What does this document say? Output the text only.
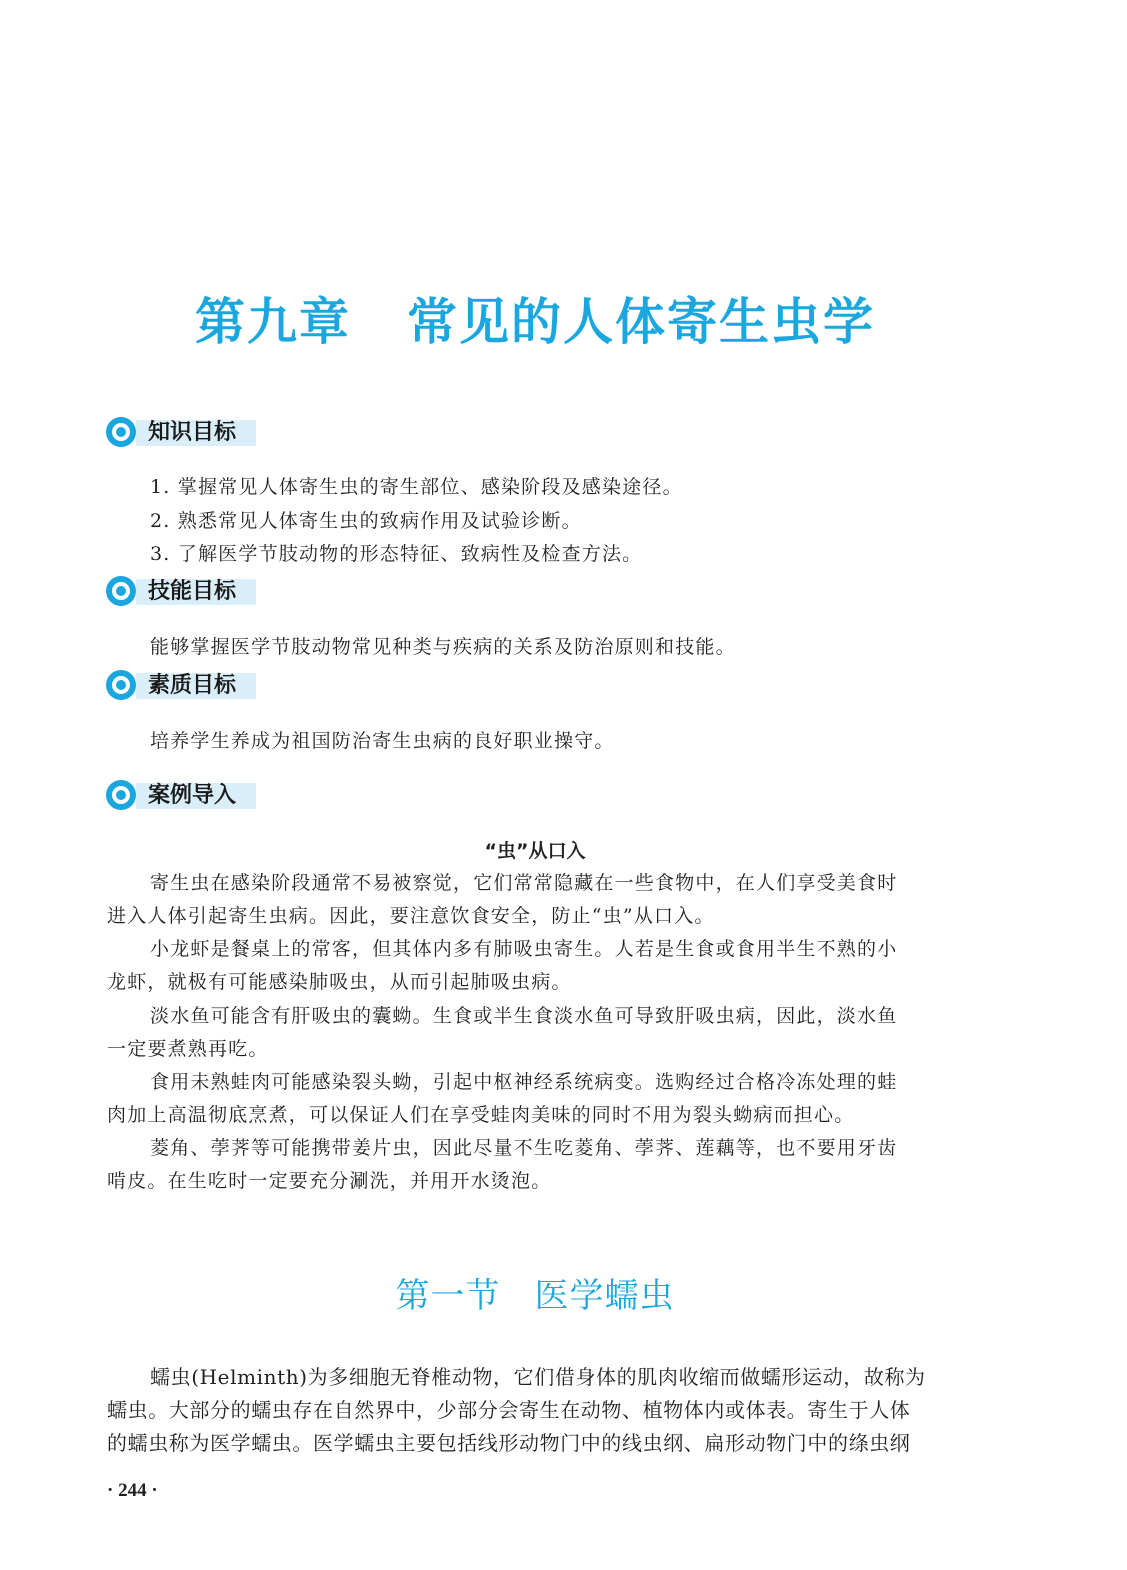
第九章 常见的人体寄生虫学
知识目标
1. 掌握常见人体寄生虫的寄生部位、感染阶段及感染途径。
2. 熟悉常见人体寄生虫的致病作用及试验诊断。
3. 了解医学节肢动物的形态特征、致病性及检查方法。
技能目标
能够掌握医学节肢动物常见种类与疾病的关系及防治原则和技能。
素质目标
培养学生养成为祖国防治寄生虫病的良好职业操守。
案例导入
“虫”从口入
寄生虫在感染阶段通常不易被察觉，它们常常隐藏在一些食物中，在人们享受美食时
进入人体引起寄生虫病。因此，要注意饮食安全，防止“虫”从口入。
小龙虾是餐桌上的常客，但其体内多有肺吸虫寄生。人若是生食或食用半生不熟的小
龙虾，就极有可能感染肺吸虫，从而引起肺吸虫病。
淡水鱼可能含有肝吸虫的囊蚴。生食或半生食淡水鱼可导致肝吸虫病，因此，淡水鱼
一定要煮熟再吃。
食用未熟蛙肉可能感染裂头蚴，引起中枢神经系统病变。选购经过合格冷冻处理的蛙
肉加上高温彻底烹煮，可以保证人们在享受蛙肉美味的同时不用为裂头蚴病而担心。
菱角、荸荠等可能携带姜片虫，因此尽量不生吃菱角、荸荠、莲藕等，也不要用牙齿
啃皮。在生吃时一定要充分涮洗，并用开水烫泡。
第一节 医学蠕虫
蠕虫(Helminth)为多细胞无脊椎动物，它们借身体的肌肉收缩而做蠕形运动，故称为
蠕虫。大部分的蠕虫存在自然界中，少部分会寄生在动物、植物体内或体表。寄生于人体
的蠕虫称为医学蠕虫。医学蠕虫主要包括线形动物门中的线虫纲、扁形动物门中的绦虫纲
· 244 ·
